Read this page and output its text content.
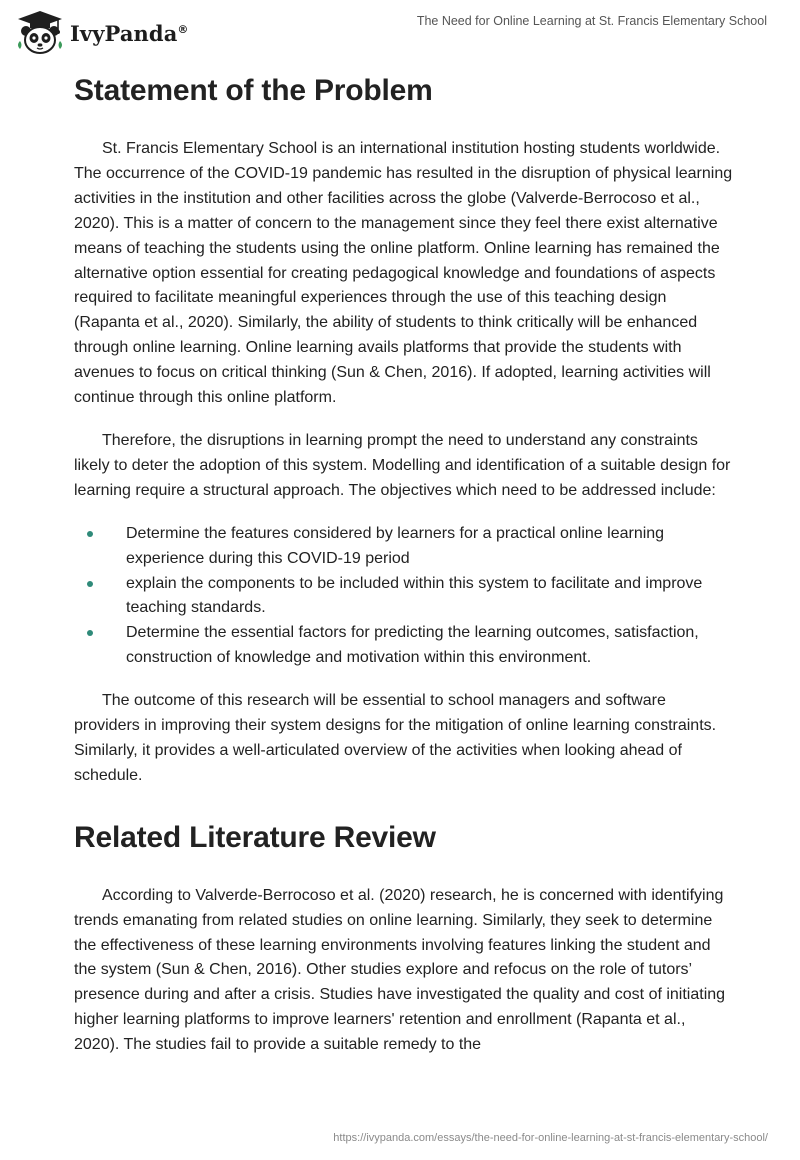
IvyPanda®
The Need for Online Learning at St. Francis Elementary School
Statement of the Problem

St. Francis Elementary School is an international institution hosting students worldwide. The occurrence of the COVID-19 pandemic has resulted in the disruption of physical learning activities in the institution and other facilities across the globe (Valverde-Berrocoso et al., 2020). This is a matter of concern to the management since they feel there exist alternative means of teaching the students using the online platform. Online learning has remained the alternative option essential for creating pedagogical knowledge and foundations of aspects required to facilitate meaningful experiences through the use of this teaching design (Rapanta et al., 2020). Similarly, the ability of students to think critically will be enhanced through online learning. Online learning avails platforms that provide the students with avenues to focus on critical thinking (Sun & Chen, 2016). If adopted, learning activities will continue through this online platform.

Therefore, the disruptions in learning prompt the need to understand any constraints likely to deter the adoption of this system. Modelling and identification of a suitable design for learning require a structural approach. The objectives which need to be addressed include:

Determine the features considered by learners for a practical online learning experience during this COVID-19 period
explain the components to be included within this system to facilitate and improve teaching standards.
Determine the essential factors for predicting the learning outcomes, satisfaction, construction of knowledge and motivation within this environment.

The outcome of this research will be essential to school managers and software providers in improving their system designs for the mitigation of online learning constraints. Similarly, it provides a well-articulated overview of the activities when looking ahead of schedule.

Related Literature Review

According to Valverde-Berrocoso et al. (2020) research, he is concerned with identifying trends emanating from related studies on online learning. Similarly, they seek to determine the effectiveness of these learning environments involving features linking the student and the system (Sun & Chen, 2016). Other studies explore and refocus on the role of tutors’ presence during and after a crisis. Studies have investigated the quality and cost of initiating higher learning platforms to improve learners' retention and enrollment (Rapanta et al., 2020). The studies fail to provide a suitable remedy to the

https://ivypanda.com/essays/the-need-for-online-learning-at-st-francis-elementary-school/
